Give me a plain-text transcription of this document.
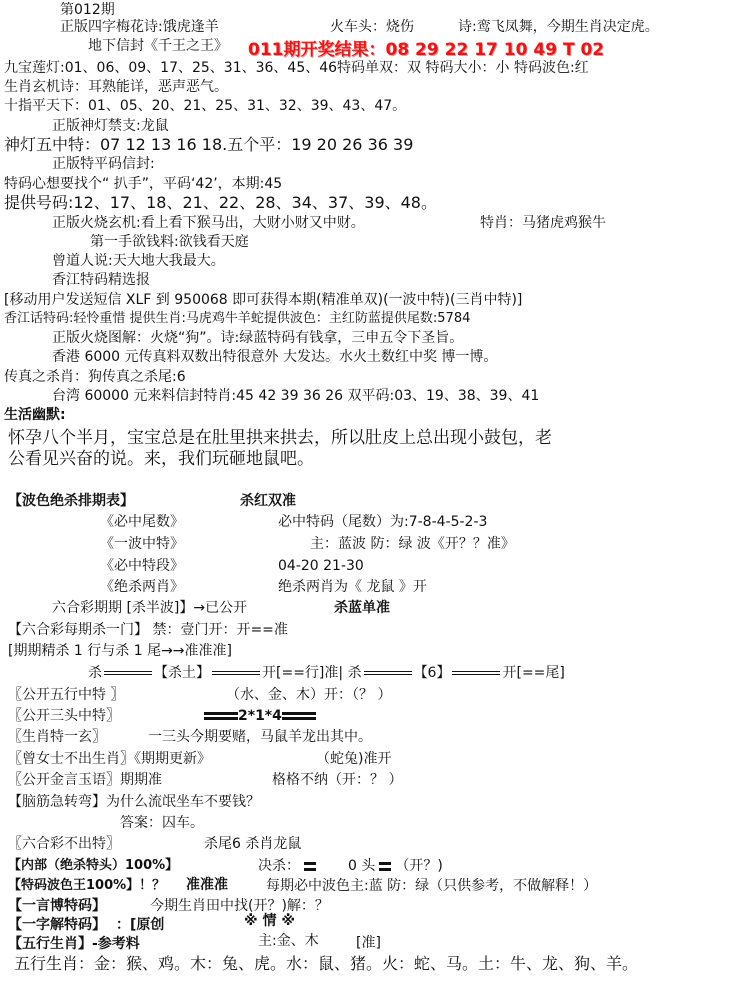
第012期
正版四字梅花诗:饿虎逢羊	火车头：烧伤	诗:鸾飞凤舞，今期生肖决定虎。
地下信封《千王之王》 011期开奖结果：08 29 22 17 10 49 T 02
九宝莲灯:01、06、09、17、25、31、36、45、46特码单双：双 特码大小：小 特码波色:红
生肖玄机诗：耳熟能详，恶声恶气。
十指平天下：01、05、20、21、25、31、32、39、43、47。
正版神灯禁支:龙鼠
神灯五中特：07 12 13 16 18.五个平：19 20 26 36 39
正版特平码信封:
特码心想要找个“ 扒手”，平码‘42’，本期:45
提供号码:12、17、18、21、22、28、34、37、39、48。
正版火烧玄机:看上看下猴马出，大财小财又中财。	特肖：马猪虎鸡猴牛
第一手欲钱料:欲钱看天庭
曾道人说:天大地大我最大。
香江特码精选报
[移动用户发送短信 XLF 到 950068 即可获得本期(精准单双)(一波中特)(三肖中特)]
香江话特码:轻怜重惜 提供生肖:马虎鸡牛羊蛇提供波色：主红防蓝提供尾数:5784
正版火烧图解：火烧“狗”。诗:绿蓝特码有钱拿，三申五令下圣旨。
香港 6000 元传真料双数出特很意外 大发达。水火土数红中奖 博一博。
传真之杀肖：狗传真之杀尾:6
台湾 60000 元来料信封特肖:45 42 39 36 26 双平码:03、19、38、39、41
生活幽默:
怀孕八个半月，宝宝总是在肚里拱来拱去，所以肚皮上总出现小鼓包，老
公看见兴奋的说。来，我们玩砸地鼠吧。
【波色绝杀排期表】	杀红双准
《必中尾数》	必中特码（尾数）为:7-8-4-5-2-3
《一波中特》	主：蓝波 防：绿 波《开？？准》
《必中特段》	04-20 21-30
《绝杀两肖》	绝杀两肖为《 龙鼠 》开
六合彩期期 [杀半波]】→已公开	杀蓝单准
【六合彩每期杀一门】 禁：壹门开：开==准
[期期精杀 1 行与杀 1 尾→→准准准]
杀	【杀土】	开[==行]准| 杀	【6】	开[==尾]
〖公开五行中特 〗	（水、金、木）开：（？ ）
〖公开三头中特〗	2*1*4
〖生肖特一玄〗	一三头今期要赌，马鼠羊龙出其中。
〖曾女士不出生肖〗《期期更新》	（蛇兔)准开
〖公开金言玉语〗期期准	格格不纳（开：？ ）
【脑筋急转弯】为什么流氓坐车不要钱？
答案：囚车。
〖六合彩不出特〗	杀尾6 杀肖龙鼠
【内部（绝杀特头）100%】	决杀：	0 头 （开？)
【特码波色王100%】！？ 准准准	每期必中波色主:蓝 防：绿（只供参考，不做解释！）
【一言博特码】	今期生肖田中找(开？)解：？
【一字解特码】 ：[原创	※ 情 ※
【五行生肖】-参考料	主:金、木	[准]
五行生肖：金：猴、鸡。木：兔、虎。水：鼠、猪。火：蛇、马。土：牛、龙、狗、羊。
